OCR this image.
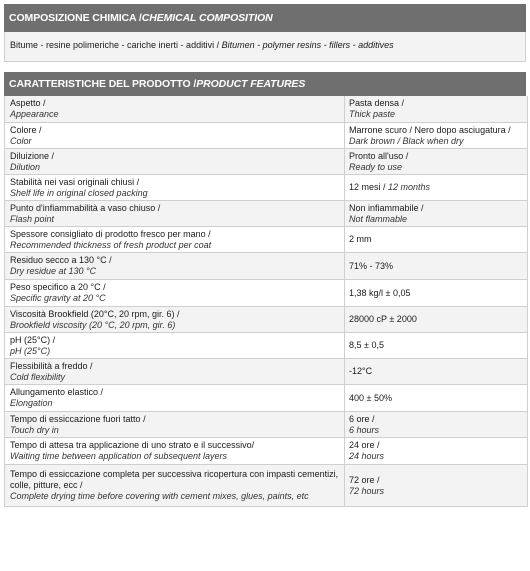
COMPOSIZIONE CHIMICA / CHEMICAL COMPOSITION
Bitume - resine polimeriche - cariche inerti - additivi / Bitumen - polymer resins - fillers - additives
CARATTERISTICHE DEL PRODOTTO / PRODUCT FEATURES
Aspetto /
Appearance
Pasta densa /
Thick paste
Colore /
Color
Marrone scuro / Nero dopo asciugatura /
Dark brown / Black when dry
Diluizione /
Dilution
Pronto all'uso /
Ready to use
Stabilità nei vasi originali chiusi /
Shelf life in original closed packing
12 mesi / 12 months
Punto d'infiammabilità a vaso chiuso /
Flash point
Non infiammabile /
Not flammable
Spessore consigliato di prodotto fresco per mano /
Recommended thickness of fresh product per coat
2 mm
Residuo secco a 130 °C /
Dry residue at 130 °C
71% - 73%
Peso specifico a 20 °C /
Specific gravity at 20 °C
1,38 kg/l ± 0,05
Viscosità Brookfield (20°C, 20 rpm, gir. 6) /
Brookfield viscosity (20 °C, 20 rpm, gir. 6)
28000 cP ± 2000
pH (25°C) /
pH (25°C)
8,5 ± 0,5
Flessibilità a freddo /
Cold flexibility
-12°C
Allungamento elastico /
Elongation
400 ± 50%
Tempo di essiccazione fuori tatto /
Touch dry in
6 ore /
6 hours
Tempo di attesa tra applicazione di uno strato e il successivo/
Waiting time between application of subsequent layers
24 ore /
24 hours
Tempo di essiccazione completa per successiva ricopertura con impasti cementizi, colle, pitture, ecc /
Complete drying time before covering with cement mixes, glues, paints, etc
72 ore /
72 hours
